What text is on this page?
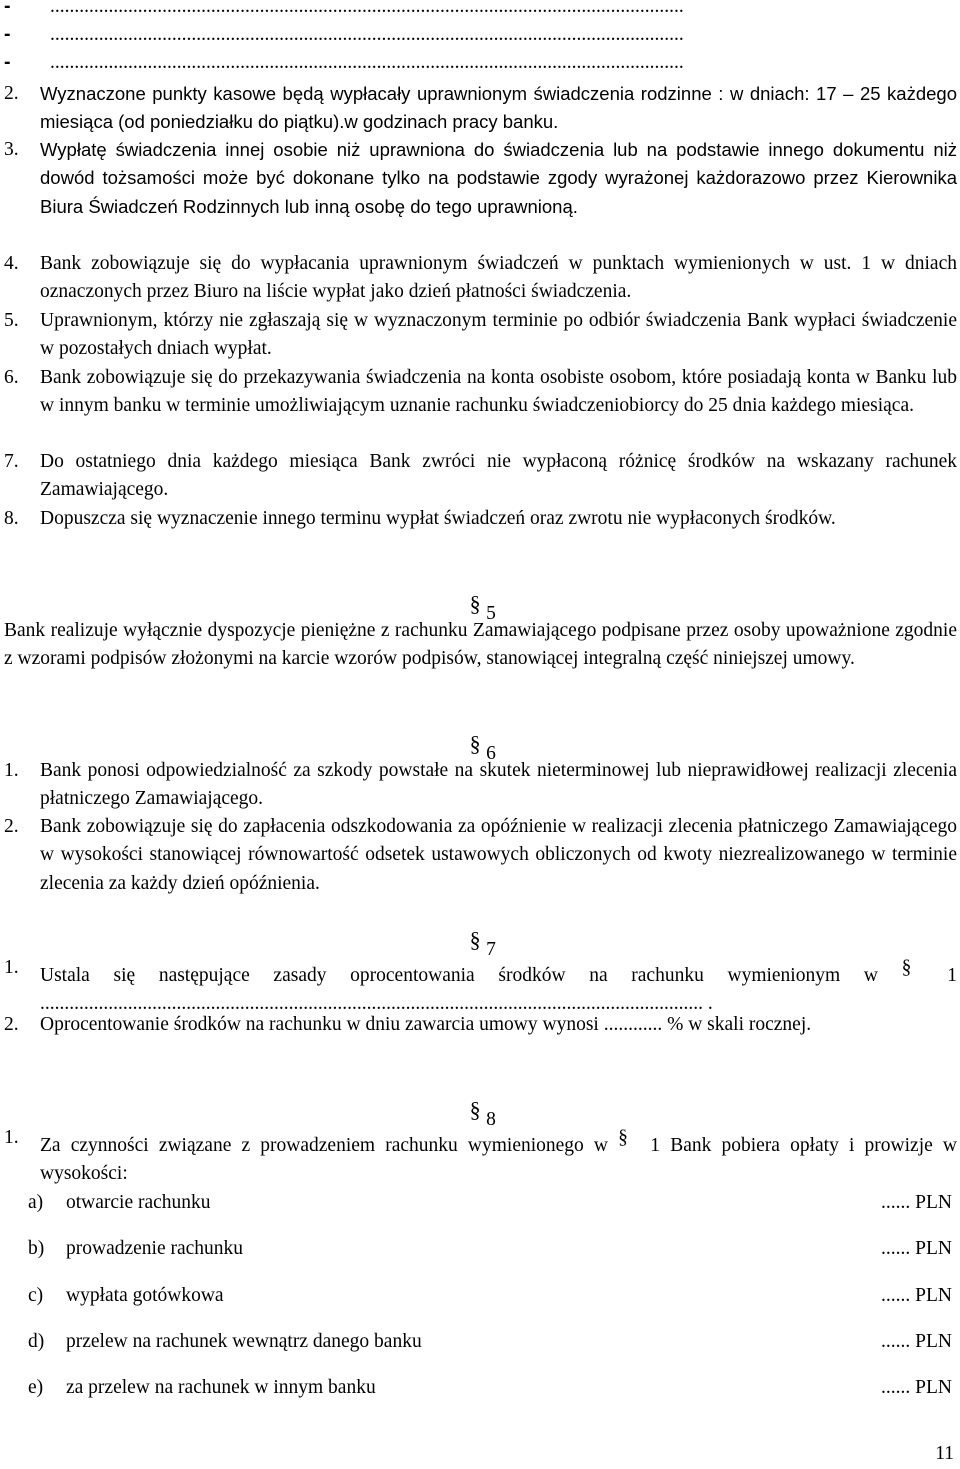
- ..................................................................................................................................
- ..................................................................................................................................
- ..................................................................................................................................
2. Wyznaczone punkty kasowe będą wypłacały uprawnionym świadczenia rodzinne : w dniach: 17 – 25 każdego miesiąca (od poniedziałku do piątku).w godzinach pracy banku.
3. Wypłatę świadczenia innej osobie niż uprawniona do świadczenia lub na podstawie innego dokumentu niż dowód tożsamości może być dokonane tylko na podstawie zgody wyrażonej każdorazowo przez Kierownika Biura Świadczeń Rodzinnych lub inną osobę do tego uprawnioną.
4. Bank zobowiązuje się do wypłacania uprawnionym świadczeń w punktach wymienionych w ust. 1 w dniach oznaczonych przez Biuro na liście wypłat jako dzień płatności świadczenia.
5. Uprawnionym, którzy nie zgłaszają się w wyznaczonym terminie po odbiór świadczenia Bank wypłaci świadczenie w pozostałych dniach wypłat.
6. Bank zobowiązuje się do przekazywania świadczenia na konta osobiste osobom, które posiadają konta w Banku lub w innym banku w terminie umożliwiającym uznanie rachunku świadczeniobiorcy do 25 dnia każdego miesiąca.
7. Do ostatniego dnia każdego miesiąca Bank zwróci nie wypłaconą różnicę środków na wskazany rachunek Zamawiającego.
8. Dopuszcza się wyznaczenie innego terminu wypłat świadczeń oraz zwrotu nie wypłaconych środków.
§ 5
Bank realizuje wyłącznie dyspozycje pieniężne z rachunku Zamawiającego podpisane przez osoby upoważnione zgodnie z wzorami podpisów złożonymi na karcie wzorów podpisów, stanowiącej integralną część niniejszej umowy.
§ 6
1. Bank ponosi odpowiedzialność za szkody powstałe na skutek nieterminowej lub nieprawidłowej realizacji zlecenia płatniczego Zamawiającego.
2. Bank zobowiązuje się do zapłacenia odszkodowania za opóźnienie w realizacji zlecenia płatniczego Zamawiającego w wysokości stanowiącej równowartość odsetek ustawowych obliczonych od kwoty niezrealizowanego w terminie zlecenia za każdy dzień opóźnienia.
§ 7
1. Ustala się następujące zasady oprocentowania środków na rachunku wymienionym w § 1
........................................................................................................................................ .
2. Oprocentowanie środków na rachunku w dniu zawarcia umowy wynosi ............ % w skali rocznej.
§ 8
1. Za czynności związane z prowadzeniem rachunku wymienionego w § 1 Bank pobiera opłaty i prowizje w wysokości:
a) otwarcie rachunku	...... PLN
b) prowadzenie rachunku	...... PLN
c) wypłata gotówkowa	...... PLN
d) przelew na rachunek wewnątrz danego banku	...... PLN
e) za przelew na rachunek w innym banku	...... PLN
11
